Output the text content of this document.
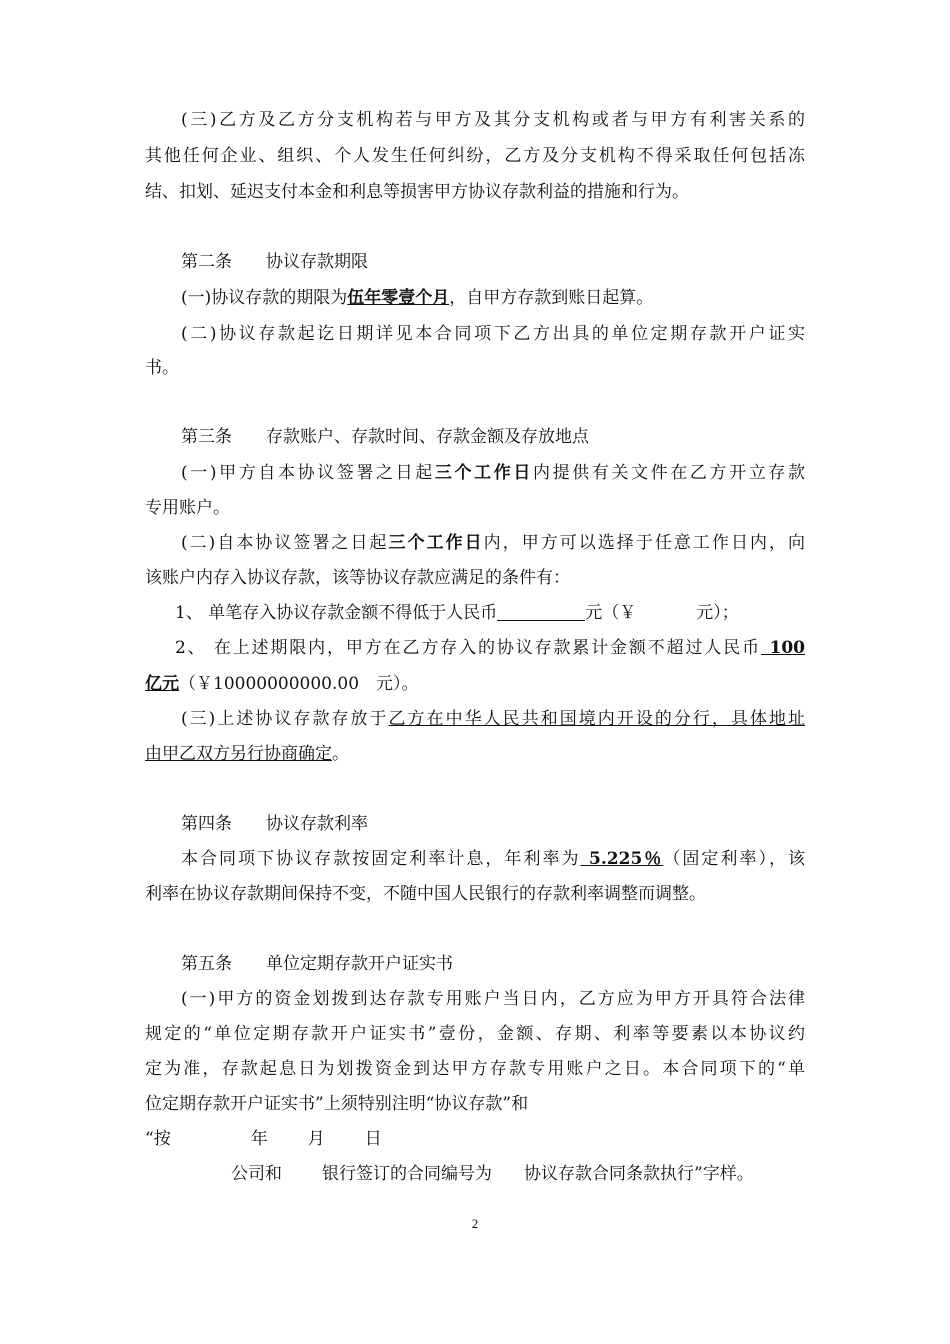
(三)乙方及乙方分支机构若与甲方及其分支机构或者与甲方有利害关系的
其他任何企业、组织、个人发生任何纠纷，乙方及分支机构不得采取任何包括冻
结、扣划、延迟支付本金和利息等损害甲方协议存款利益的措施和行为。
第二条 协议存款期限
(一)协议存款的期限为伍年零壹个月，自甲方存款到账日起算。
(二)协议存款起讫日期详见本合同项下乙方出具的单位定期存款开户证实
书。
第三条 存款账户、存款时间、存款金额及存放地点
(一)甲方自本协议签署之日起三个工作日内提供有关文件在乙方开立存款
专用账户。
(二)自本协议签署之日起三个工作日内，甲方可以选择于任意工作日内，向
该账户内存入协议存款，该等协议存款应满足的条件有：
1、 单笔存入协议存款金额不得低于人民币	元（￥	元）；
2、 在上述期限内，甲方在乙方存入的协议存款累计金额不超过人民币  100
亿元（￥10000000000.00　元）。
(三)上述协议存款存放于乙方在中华人民共和国境内开设的分行，具体地址
由甲乙双方另行协商确定。
第四条 协议存款利率
本合同项下协议存款按固定利率计息，年利率为  5.225％（固定利率），该
利率在协议存款期间保持不变，不随中国人民银行的存款利率调整而调整。
第五条 单位定期存款开户证实书
(一)甲方的资金划拨到达存款专用账户当日内，乙方应为甲方开具符合法律
规定的“单位定期存款开户证实书”壹份，金额、存期、利率等要素以本协议约
定为准，存款起息日为划拨资金到达甲方存款专用账户之日。本合同项下的“单
位定期存款开户证实书”上须特别注明“协议存款”和
“按	年 月 日
公司和 银行签订的合同编号为 协议存款合同条款执行”字样。
2
